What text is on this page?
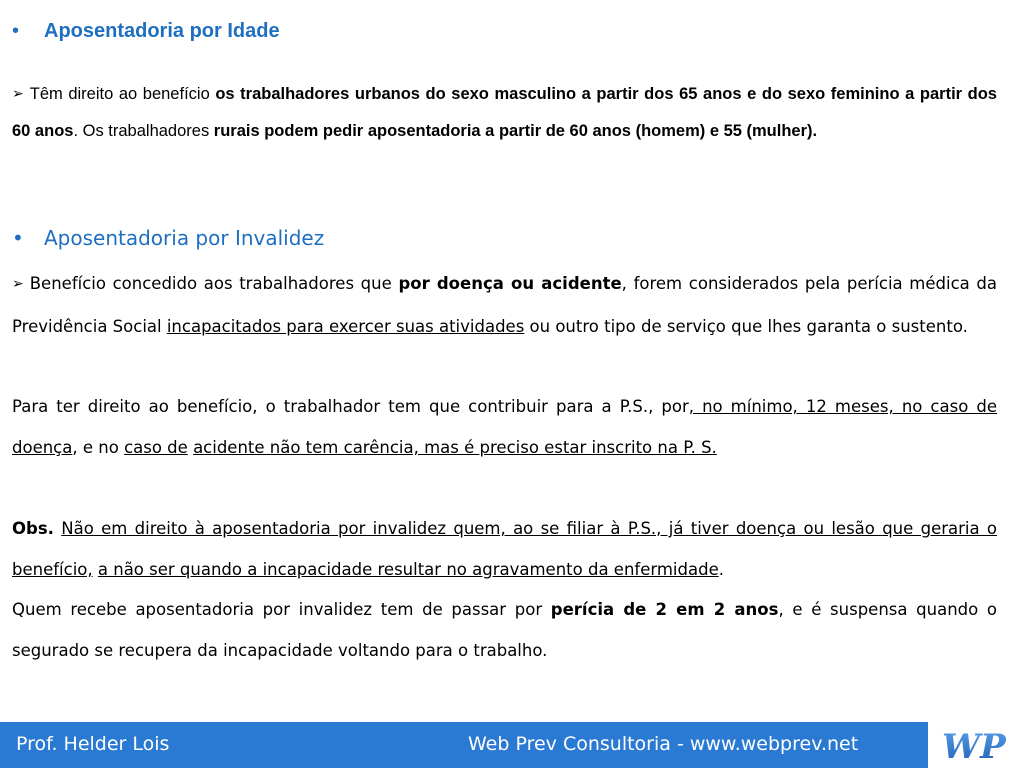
• Aposentadoria por Idade

➢ Têm direito ao benefício os trabalhadores urbanos do sexo masculino a partir dos 65 anos e do sexo feminino a partir dos 60 anos. Os trabalhadores rurais podem pedir aposentadoria a partir de 60 anos (homem) e 55 (mulher).

• Aposentadoria por Invalidez

➢ Benefício concedido aos trabalhadores que por doença ou acidente, forem considerados pela perícia médica da Previdência Social incapacitados para exercer suas atividades ou outro tipo de serviço que lhes garanta o sustento.

Para ter direito ao benefício, o trabalhador tem que contribuir para a P.S., por, no mínimo, 12 meses, no caso de doença, e no caso de acidente não tem carência, mas é preciso estar inscrito na P. S.

Obs. Não em direito à aposentadoria por invalidez quem, ao se filiar à P.S., já tiver doença ou lesão que geraria o benefício, a não ser quando a incapacidade resultar no agravamento da enfermidade.

Quem recebe aposentadoria por invalidez tem de passar por perícia de 2 em 2 anos, e é suspensa quando o segurado se recupera da incapacidade voltando para o trabalho.

Prof. Helder Lois	Web Prev Consultoria - www.webprev.net WP
